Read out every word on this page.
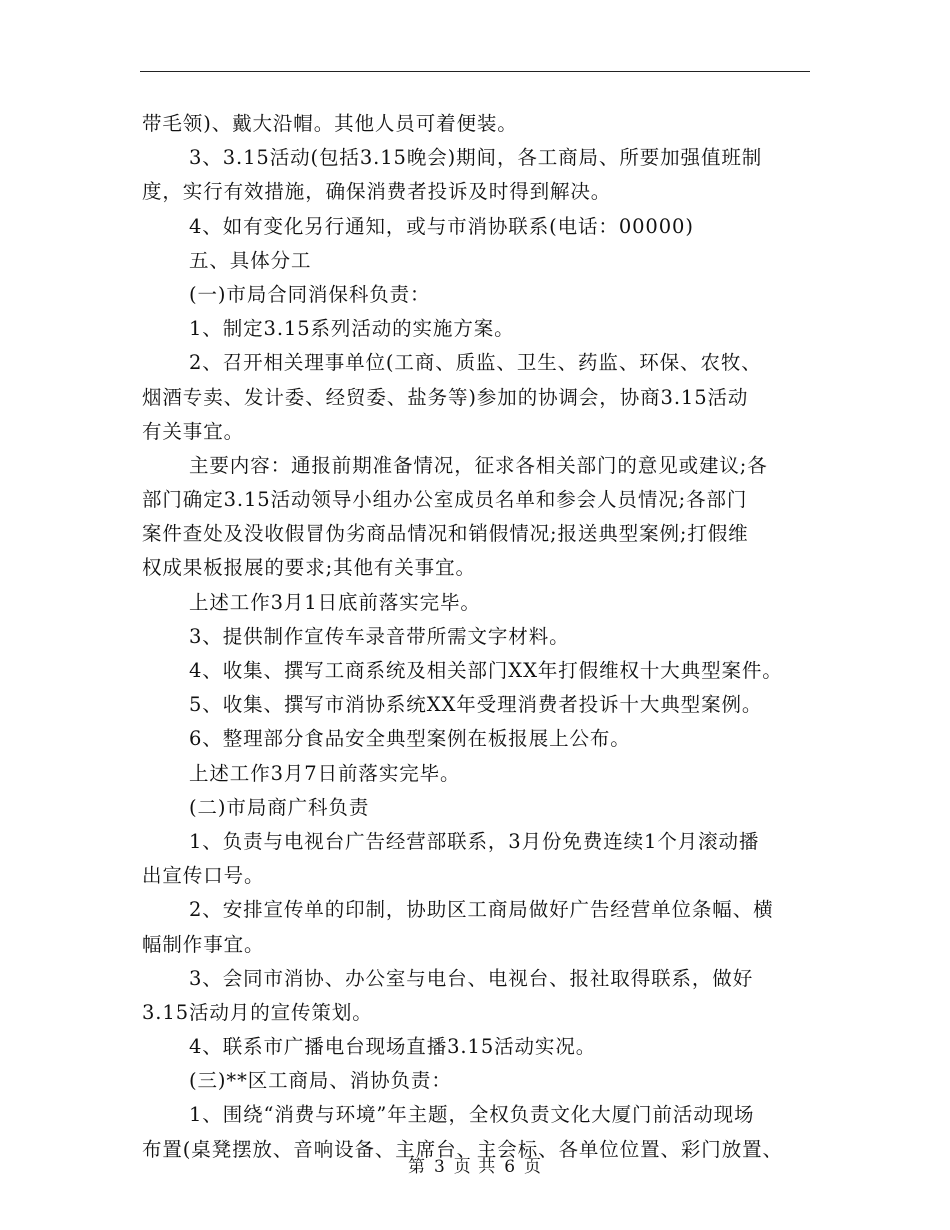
带毛领)、戴大沿帽。其他人员可着便装。
3、3.15活动(包括3.15晚会)期间，各工商局、所要加强值班制
度，实行有效措施，确保消费者投诉及时得到解决。
4、如有变化另行通知，或与市消协联系(电话：00000)
五、具体分工
(一)市局合同消保科负责：
1、制定3.15系列活动的实施方案。
2、召开相关理事单位(工商、质监、卫生、药监、环保、农牧、
烟酒专卖、发计委、经贸委、盐务等)参加的协调会，协商3.15活动
有关事宜。
主要内容：通报前期准备情况，征求各相关部门的意见或建议;各
部门确定3.15活动领导小组办公室成员名单和参会人员情况;各部门
案件查处及没收假冒伪劣商品情况和销假情况;报送典型案例;打假维
权成果板报展的要求;其他有关事宜。
上述工作3月1日底前落实完毕。
3、提供制作宣传车录音带所需文字材料。
4、收集、撰写工商系统及相关部门XX年打假维权十大典型案件。
5、收集、撰写市消协系统XX年受理消费者投诉十大典型案例。
6、整理部分食品安全典型案例在板报展上公布。
上述工作3月7日前落实完毕。
(二)市局商广科负责
1、负责与电视台广告经营部联系，3月份免费连续1个月滚动播
出宣传口号。
2、安排宣传单的印制，协助区工商局做好广告经营单位条幅、横
幅制作事宜。
3、会同市消协、办公室与电台、电视台、报社取得联系，做好
3.15活动月的宣传策划。
4、联系市广播电台现场直播3.15活动实况。
(三)**区工商局、消协负责：
1、围绕“消费与环境”年主题，全权负责文化大厦门前活动现场
布置(桌凳摆放、音响设备、主席台、主会标、各单位位置、彩门放置、
第 3 页 共 6 页
